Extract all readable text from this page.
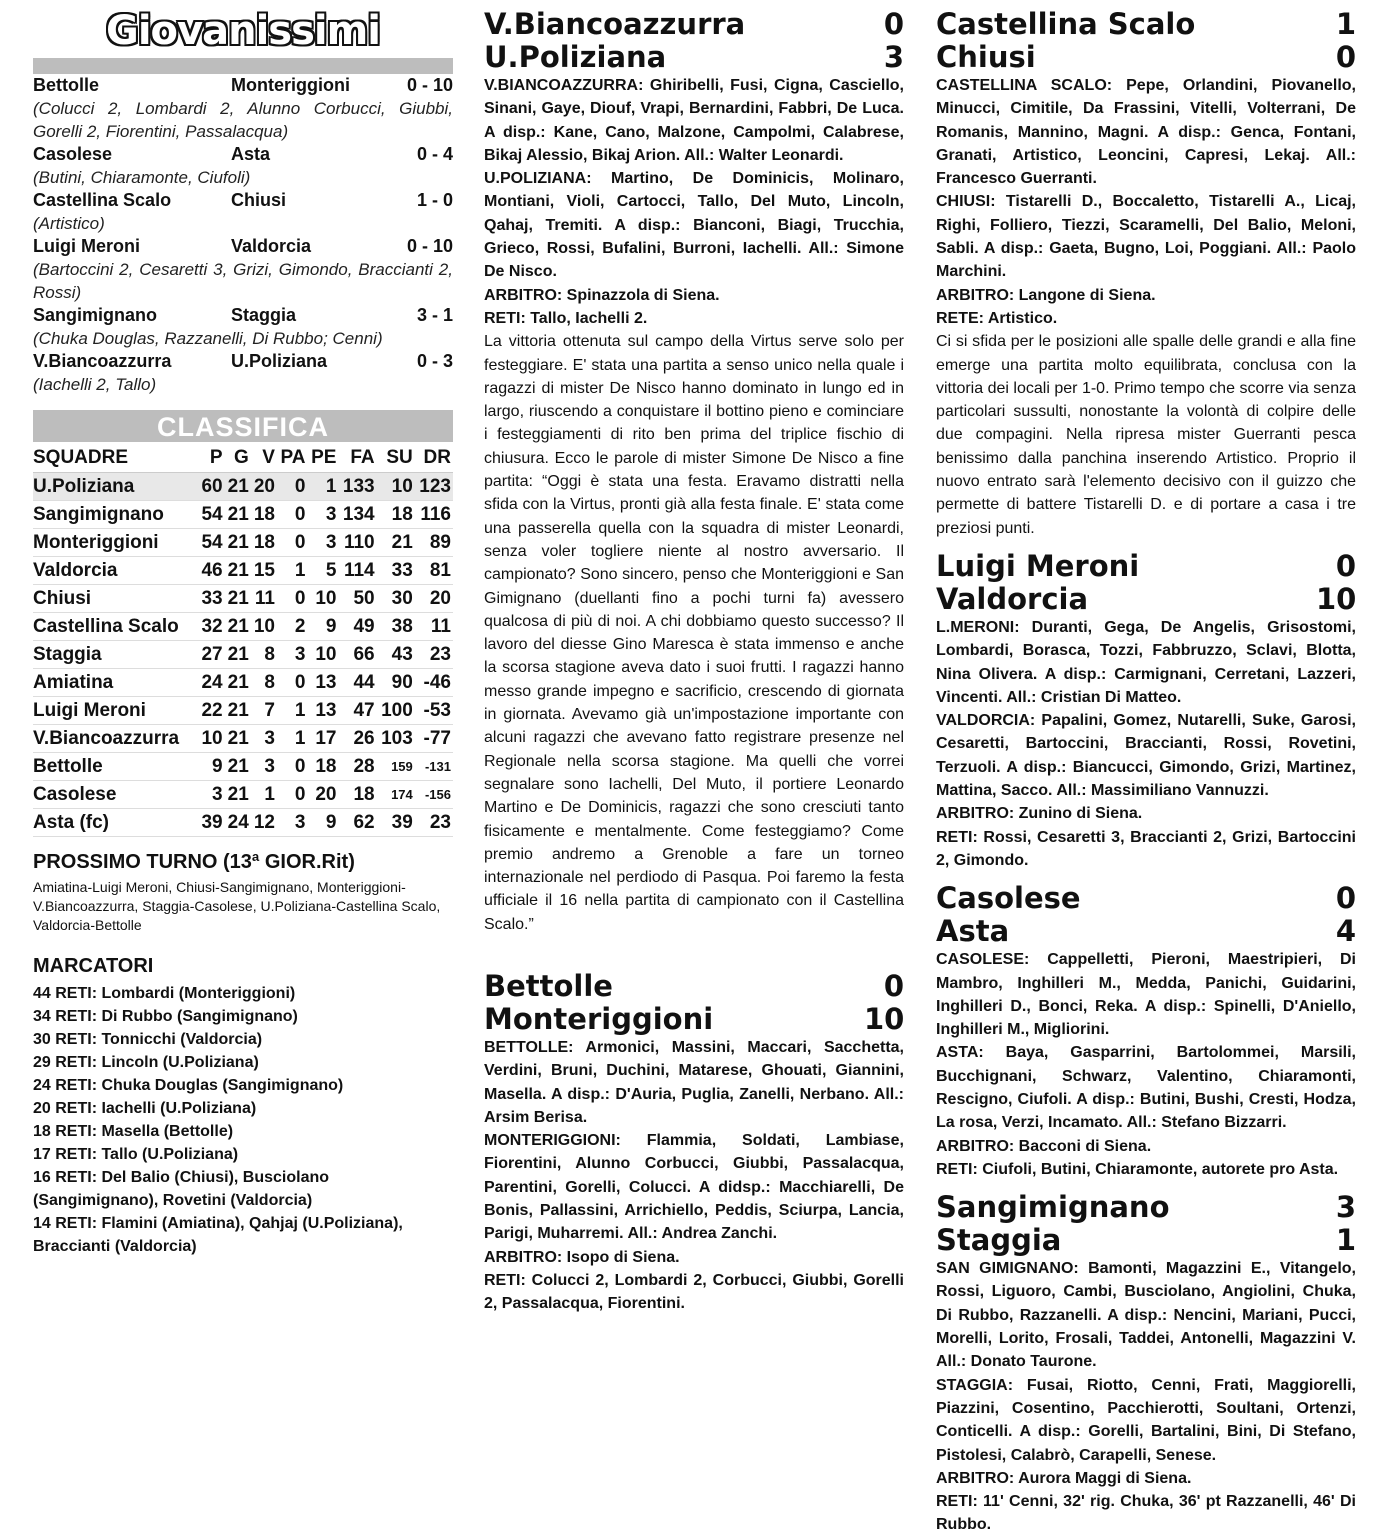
Giovanissimi
Bettolle	Monteriggioni	0 - 10
(Colucci 2, Lombardi 2, Alunno Corbucci, Giubbi, Gorelli 2, Fiorentini, Passalacqua)
Casolese	Asta	0 - 4
(Butini, Chiaramonte, Ciufoli)
Castellina Scalo	Chiusi	1 - 0
(Artistico)
Luigi Meroni	Valdorcia	0 - 10
(Bartoccini 2, Cesaretti 3, Grizi, Gimondo, Braccianti 2, Rossi)
Sangimignano	Staggia	3 - 1
(Chuka Douglas, Razzanelli, Di Rubbo; Cenni)
V.Biancoazzurra	U.Poliziana	0 - 3
(Iachelli 2, Tallo)
CLASSIFICA
SQUADRE	P	G	V	PA	PE	FA	SU	DR
U.Poliziana	60	21	20	0	1	133	10	123
Sangimignano	54	21	18	0	3	134	18	116
Monteriggioni	54	21	18	0	3	110	21	89
Valdorcia	46	21	15	1	5	114	33	81
Chiusi	33	21	11	0	10	50	30	20
Castellina Scalo	32	21	10	2	9	49	38	11
Staggia	27	21	8	3	10	66	43	23
Amiatina	24	21	8	0	13	44	90	-46
Luigi Meroni	22	21	7	1	13	47	100	-53
V.Biancoazzurra	10	21	3	1	17	26	103	-77
Bettolle	9	21	3	0	18	28	159	-131
Casolese	3	21	1	0	20	18	174	-156
Asta (fc)	39	24	12	3	9	62	39	23
PROSSIMO TURNO (13ª GIOR.Rit)
Amiatina-Luigi Meroni, Chiusi-Sangimignano, Monteriggioni-V.Biancoazzurra, Staggia-Casolese, U.Poliziana-Castellina Scalo, Valdorcia-Bettolle
MARCATORI
44 RETI: Lombardi (Monteriggioni)
34 RETI: Di Rubbo (Sangimignano)
30 RETI: Tonnicchi (Valdorcia)
29 RETI: Lincoln (U.Poliziana)
24 RETI: Chuka Douglas (Sangimignano)
20 RETI: Iachelli (U.Poliziana)
18 RETI: Masella (Bettolle)
17 RETI: Tallo (U.Poliziana)
16 RETI: Del Balio (Chiusi), Busciolano (Sangimignano), Rovetini (Valdorcia)
14 RETI: Flamini (Amiatina), Qahjaj (U.Poliziana), Braccianti (Valdorcia)
V.Biancoazzurra	0
U.Poliziana	3
V.BIANCOAZZURRA: Ghiribelli, Fusi, Cigna, Casciello, Sinani, Gaye, Diouf, Vrapi, Bernardini, Fabbri, De Luca. A disp.: Kane, Cano, Malzone, Campolmi, Calabrese, Bikaj Alessio, Bikaj Arion. All.: Walter Leonardi.
U.POLIZIANA: Martino, De Dominicis, Molinaro, Montiani, Violi, Cartocci, Tallo, Del Muto, Lincoln, Qahaj, Tremiti. A disp.: Bianconi, Biagi, Trucchia, Grieco, Rossi, Bufalini, Burroni, Iachelli. All.: Simone De Nisco.
ARBITRO: Spinazzola di Siena.
RETI: Tallo, Iachelli 2.
La vittoria ottenuta sul campo della Virtus serve solo per festeggiare. E' stata una partita a senso unico nella quale i ragazzi di mister De Nisco hanno dominato in lungo ed in largo, riuscendo a conquistare il bottino pieno e cominciare i festeggiamenti di rito ben prima del triplice fischio di chiusura. Ecco le parole di mister Simone De Nisco a fine partita: “Oggi è stata una festa. Eravamo distratti nella sfida con la Virtus, pronti già alla festa finale. E' stata come una passerella quella con la squadra di mister Leonardi, senza voler togliere niente al nostro avversario. Il campionato? Sono sincero, penso che Monteriggioni e San Gimignano (duellanti fino a pochi turni fa) avessero qualcosa di più di noi. A chi dobbiamo questo successo? Il lavoro del diesse Gino Maresca è stata immenso e anche la scorsa stagione aveva dato i suoi frutti. I ragazzi hanno messo grande impegno e sacrificio, crescendo di giornata in giornata. Avevamo già un'impostazione importante con alcuni ragazzi che avevano fatto registrare presenze nel Regionale nella scorsa stagione. Ma quelli che vorrei segnalare sono Iachelli, Del Muto, il portiere Leonardo Martino e De Dominicis, ragazzi che sono cresciuti tanto fisicamente e mentalmente. Come festeggiamo? Come premio andremo a Grenoble a fare un torneo internazionale nel perdiodo di Pasqua. Poi faremo la festa ufficiale il 16 nella partita di campionato con il Castellina Scalo.”
Bettolle	0
Monteriggioni	10
BETTOLLE: Armonici, Massini, Maccari, Sacchetta, Verdini, Bruni, Duchini, Matarese, Ghouati, Giannini, Masella. A disp.: D'Auria, Puglia, Zanelli, Nerbano. All.: Arsim Berisa.
MONTERIGGIONI: Flammia, Soldati, Lambiase, Fiorentini, Alunno Corbucci, Giubbi, Passalacqua, Parentini, Gorelli, Colucci. A didsp.: Macchiarelli, De Bonis, Pallassini, Arrichiello, Peddis, Sciurpa, Lancia, Parigi, Muharremi. All.: Andrea Zanchi.
ARBITRO: Isopo di Siena.
RETI: Colucci 2, Lombardi 2, Corbucci, Giubbi, Gorelli 2, Passalacqua, Fiorentini.
Castellina Scalo	1
Chiusi	0
CASTELLINA SCALO: Pepe, Orlandini, Piovanello, Minucci, Cimitile, Da Frassini, Vitelli, Volterrani, De Romanis, Mannino, Magni. A disp.: Genca, Fontani, Granati, Artistico, Leoncini, Capresi, Lekaj. All.: Francesco Guerranti.
CHIUSI: Tistarelli D., Boccaletto, Tistarelli A., Licaj, Righi, Folliero, Tiezzi, Scaramelli, Del Balio, Meloni, Sabli. A disp.: Gaeta, Bugno, Loi, Poggiani. All.: Paolo Marchini.
ARBITRO: Langone di Siena.
RETE: Artistico.
Ci si sfida per le posizioni alle spalle delle grandi e alla fine emerge una partita molto equilibrata, conclusa con la vittoria dei locali per 1-0. Primo tempo che scorre via senza particolari sussulti, nonostante la volontà di colpire delle due compagini. Nella ripresa mister Guerranti pesca benissimo dalla panchina inserendo Artistico. Proprio il nuovo entrato sarà l'elemento decisivo con il guizzo che permette di battere Tistarelli D. e di portare a casa i tre preziosi punti.
Luigi Meroni	0
Valdorcia	10
L.MERONI: Duranti, Gega, De Angelis, Grisostomi, Lombardi, Borasca, Tozzi, Fabbruzzo, Sclavi, Blotta, Nina Olivera. A disp.: Carmignani, Cerretani, Lazzeri, Vincenti. All.: Cristian Di Matteo.
VALDORCIA: Papalini, Gomez, Nutarelli, Suke, Garosi, Cesaretti, Bartoccini, Braccianti, Rossi, Rovetini, Terzuoli. A disp.: Biancucci, Gimondo, Grizi, Martinez, Mattina, Sacco. All.: Massimiliano Vannuzzi.
ARBITRO: Zunino di Siena.
RETI: Rossi, Cesaretti 3, Braccianti 2, Grizi, Bartoccini 2, Gimondo.
Casolese	0
Asta	4
CASOLESE: Cappelletti, Pieroni, Maestripieri, Di Mambro, Inghilleri M., Medda, Panichi, Guidarini, Inghilleri D., Bonci, Reka. A disp.: Spinelli, D'Aniello, Inghilleri M., Migliorini.
ASTA: Baya, Gasparrini, Bartolommei, Marsili, Bucchignani, Schwarz, Valentino, Chiaramonti, Rescigno, Ciufoli. A disp.: Butini, Bushi, Cresti, Hodza, La rosa, Verzi, Incamato. All.: Stefano Bizzarri.
ARBITRO: Bacconi di Siena.
RETI: Ciufoli, Butini, Chiaramonte, autorete pro Asta.
Sangimignano	3
Staggia	1
SAN GIMIGNANO: Bamonti, Magazzini E., Vitangelo, Rossi, Liguoro, Cambi, Busciolano, Angiolini, Chuka, Di Rubbo, Razzanelli. A disp.: Nencini, Mariani, Pucci, Morelli, Lorito, Frosali, Taddei, Antonelli, Magazzini V. All.: Donato Taurone.
STAGGIA: Fusai, Riotto, Cenni, Frati, Maggiorelli, Piazzini, Cosentino, Pacchierotti, Soultani, Ortenzi, Conticelli. A disp.: Gorelli, Bartalini, Bini, Di Stefano, Pistolesi, Calabrò, Carapelli, Senese.
ARBITRO: Aurora Maggi di Siena.
RETI: 11' Cenni, 32' rig. Chuka, 36' pt Razzanelli, 46' Di Rubbo.
